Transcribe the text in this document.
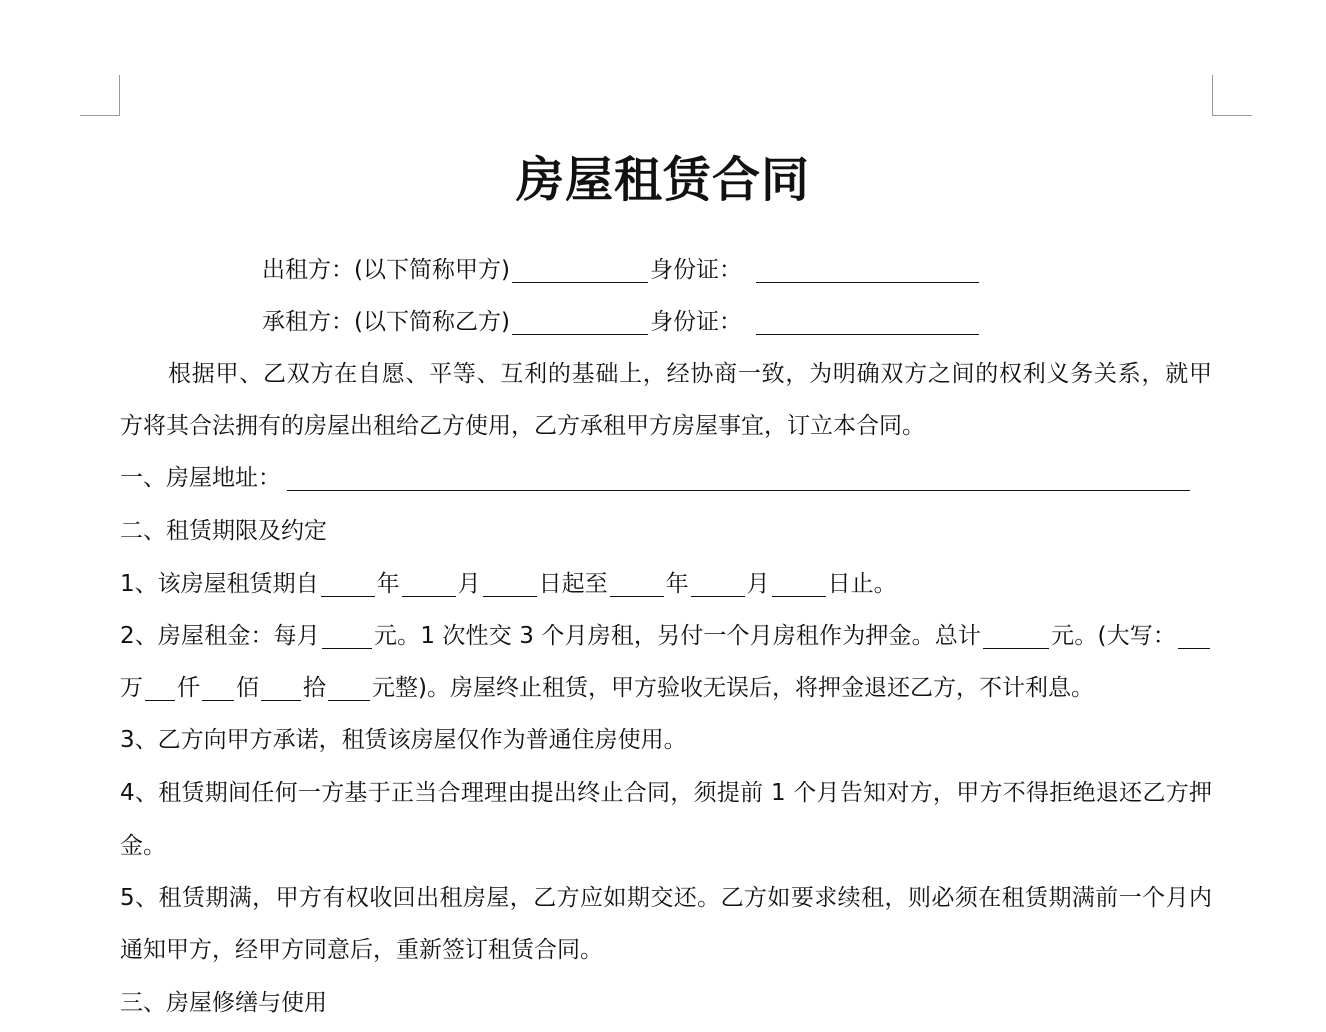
房屋租赁合同
出租方：(以下简称甲方)	身份证：
承租方：(以下简称乙方)	身份证：
根据甲、乙双方在自愿、平等、互利的基础上，经协商一致，为明确双方之间的权利义务关系，就甲
方将其合法拥有的房屋出租给乙方使用，乙方承租甲方房屋事宜，订立本合同。
一、房屋地址：
二、租赁期限及约定
1、该房屋租赁期自	年	月	日起至	年	月	日止。
2、房屋租金：每月 元。1 次性交 3 个月房租，另付一个月房租作为押金。总计	元。(大写：
万 仟 佰 拾 元整)。房屋终止租赁，甲方验收无误后，将押金退还乙方，不计利息。
3、乙方向甲方承诺，租赁该房屋仅作为普通住房使用。
4、租赁期间任何一方基于正当合理理由提出终止合同，须提前 1 个月告知对方，甲方不得拒绝退还乙方押
金。
5、租赁期满，甲方有权收回出租房屋，乙方应如期交还。乙方如要求续租，则必须在租赁期满前一个月内
通知甲方，经甲方同意后，重新签订租赁合同。
三、房屋修缮与使用
